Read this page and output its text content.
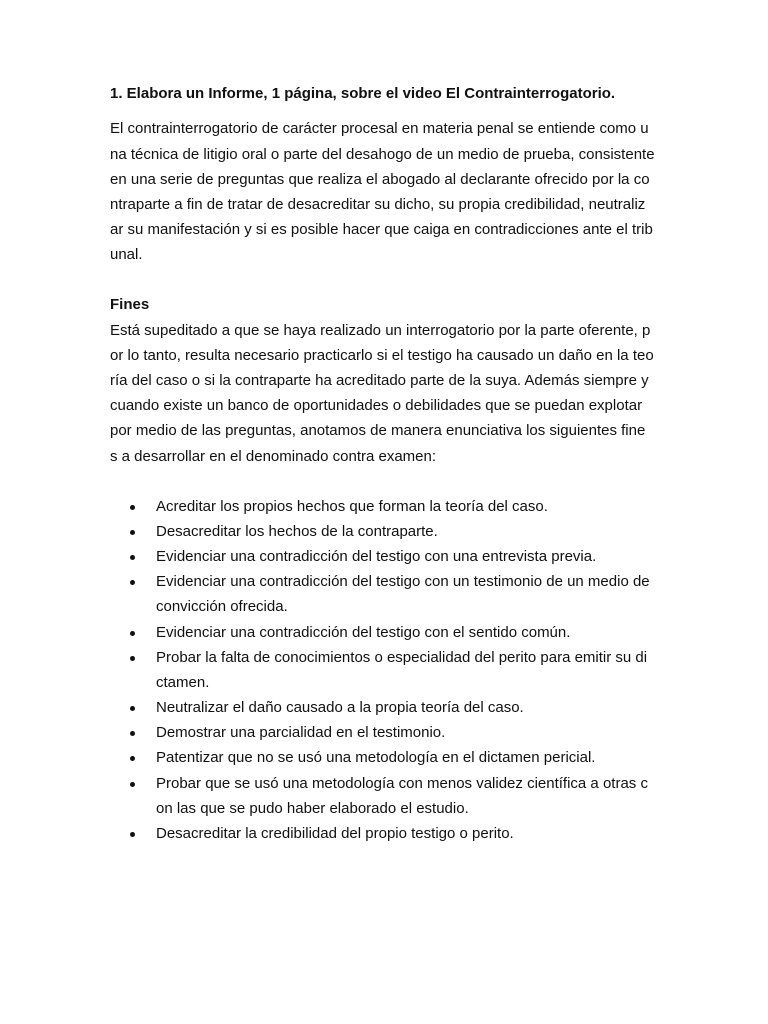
1. Elabora un Informe, 1 página, sobre el video El Contrainterrogatorio.
El contrainterrogatorio de carácter procesal en materia penal se entiende como u
na técnica de litigio oral o parte del desahogo de un medio de prueba, consistente
en una serie de preguntas que realiza el abogado al declarante ofrecido por la co
ntraparte a fin de tratar de desacreditar su dicho, su propia credibilidad, neutraliz
ar su manifestación y si es posible hacer que caiga en contradicciones ante el trib
unal.
Fines
Está supeditado a que se haya realizado un interrogatorio por la parte oferente, p
or lo tanto, resulta necesario practicarlo si el testigo ha causado un daño en la teo
ría del caso o si la contraparte ha acreditado parte de la suya. Además siempre y
cuando existe un banco de oportunidades o debilidades que se puedan explotar
por medio de las preguntas, anotamos de manera enunciativa los siguientes fine
s a desarrollar en el denominado contra examen:
Acreditar los propios hechos que forman la teoría del caso.
Desacreditar los hechos de la contraparte.
Evidenciar una contradicción del testigo con una entrevista previa.
Evidenciar una contradicción del testigo con un testimonio de un medio de
convicción ofrecida.
Evidenciar una contradicción del testigo con el sentido común.
Probar la falta de conocimientos o especialidad del perito para emitir su di
ctamen.
Neutralizar el daño causado a la propia teoría del caso.
Demostrar una parcialidad en el testimonio.
Patentizar que no se usó una metodología en el dictamen pericial.
Probar que se usó una metodología con menos validez científica a otras c
on las que se pudo haber elaborado el estudio.
Desacreditar la credibilidad del propio testigo o perito.
